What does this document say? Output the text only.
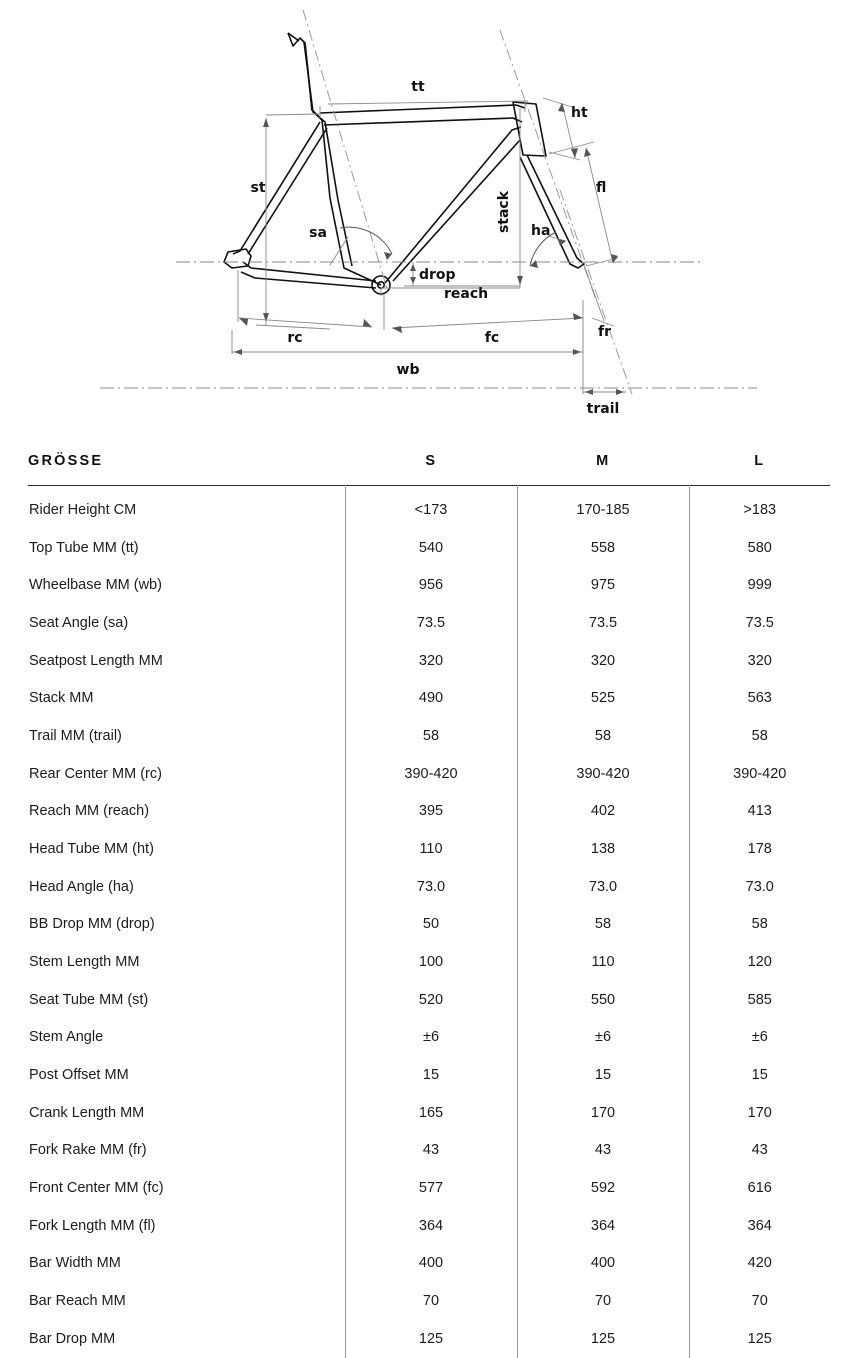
tt
ht
st	fl
sa	stack ha
drop
reach
rc	fc	fr
wb
trail
GRÖSSE	S	M	L
Rider Height CM	<173	170-185	>183
Top Tube MM (tt)	540	558	580
Wheelbase MM (wb)	956	975	999
Seat Angle (sa)	73.5	73.5	73.5
Seatpost Length MM	320	320	320
Stack MM	490	525	563
Trail MM (trail)	58	58	58
Rear Center MM (rc)	390-420	390-420	390-420
Reach MM (reach)	395	402	413
Head Tube MM (ht)	110	138	178
Head Angle (ha)	73.0	73.0	73.0
BB Drop MM (drop)	50	58	58
Stem Length MM	100	110	120
Seat Tube MM (st)	520	550	585
Stem Angle	±6	±6	±6
Post Offset MM	15	15	15
Crank Length MM	165	170	170
Fork Rake MM (fr)	43	43	43
Front Center MM (fc)	577	592	616
Fork Length MM (fl)	364	364	364
Bar Width MM	400	400	420
Bar Reach MM	70	70	70
Bar Drop MM	125	125	125
